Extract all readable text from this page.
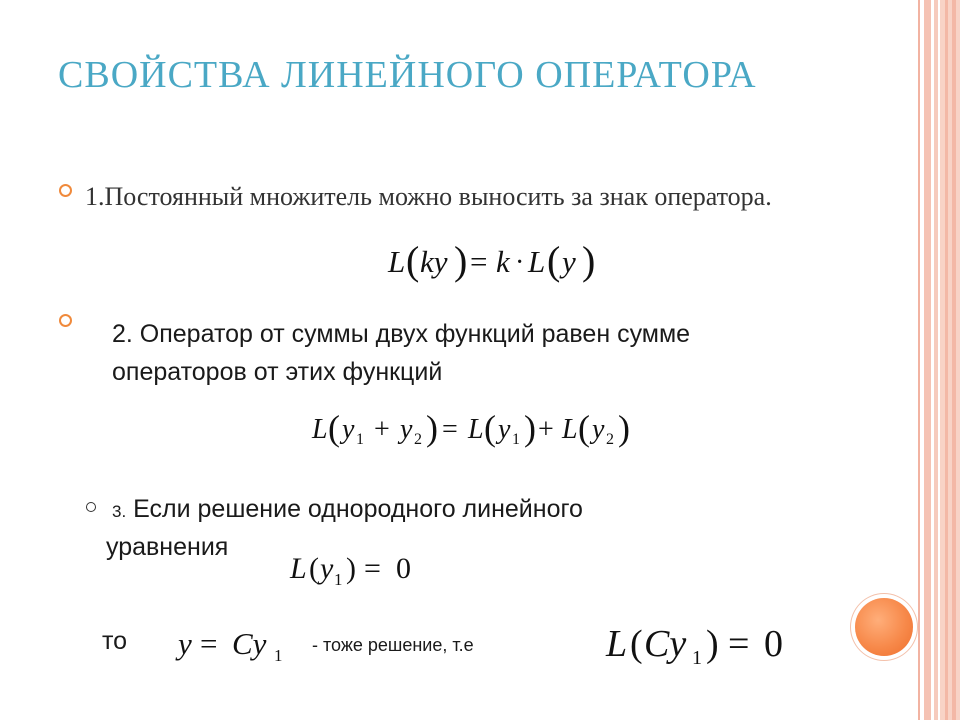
СВОЙСТВА ЛИНЕЙНОГО ОПЕРАТОРА

1.Постоянный множитель можно выносить за знак оператора.

L ( ky ) = k · L ( y )

2. Оператор от суммы двух функций равен сумме операторов от этих функций

L ( y 1 + y 2 ) = L ( y 1 ) + L ( y 2 )

3. Если решение однородного линейного

уравнения

L ( y 1 ) = 0

то y = Cy 1

- тоже решение, т.е	L ( Cy 1 ) = 0
